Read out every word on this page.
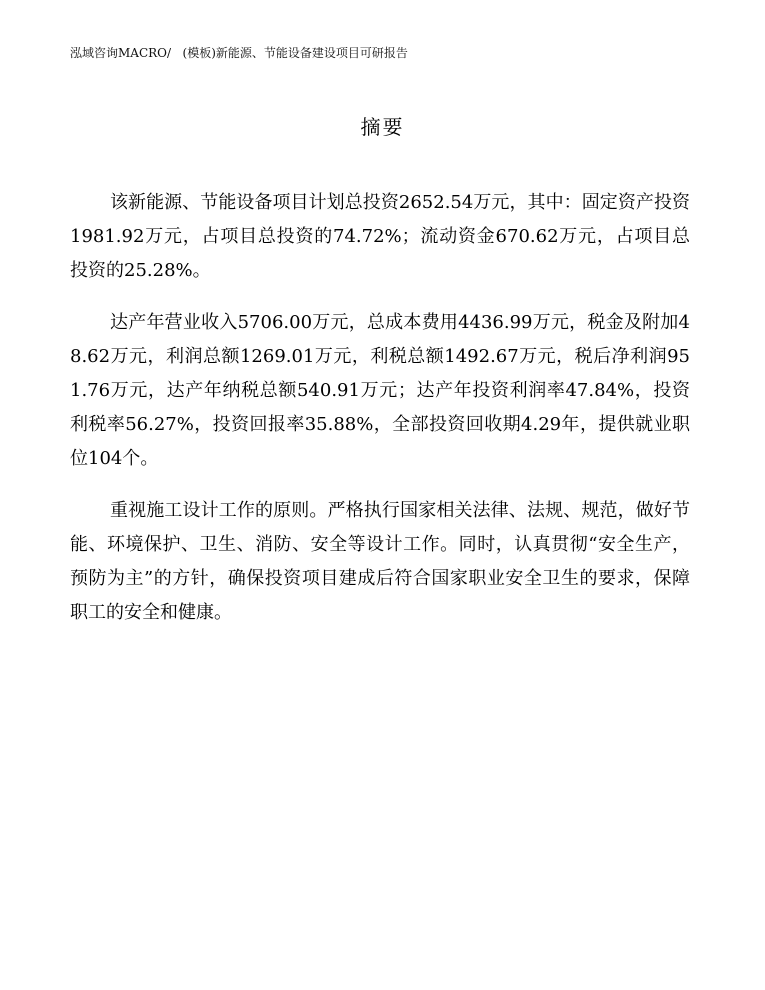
泓域咨询MACRO/ (模板)新能源、节能设备建设项目可研报告
摘要

该新能源、节能设备项目计划总投资2652.54万元，其中：固定资产投资1981.92万元，占项目总投资的74.72%；流动资金670.62万元，占项目总投资的25.28%。

达产年营业收入5706.00万元，总成本费用4436.99万元，税金及附加48.62万元，利润总额1269.01万元，利税总额1492.67万元，税后净利润951.76万元，达产年纳税总额540.91万元；达产年投资利润率47.84%，投资利税率56.27%，投资回报率35.88%，全部投资回收期4.29年，提供就业职位104个。

重视施工设计工作的原则。严格执行国家相关法律、法规、规范，做好节能、环境保护、卫生、消防、安全等设计工作。同时，认真贯彻“安全生产，预防为主”的方针，确保投资项目建成后符合国家职业安全卫生的要求，保障职工的安全和健康。
